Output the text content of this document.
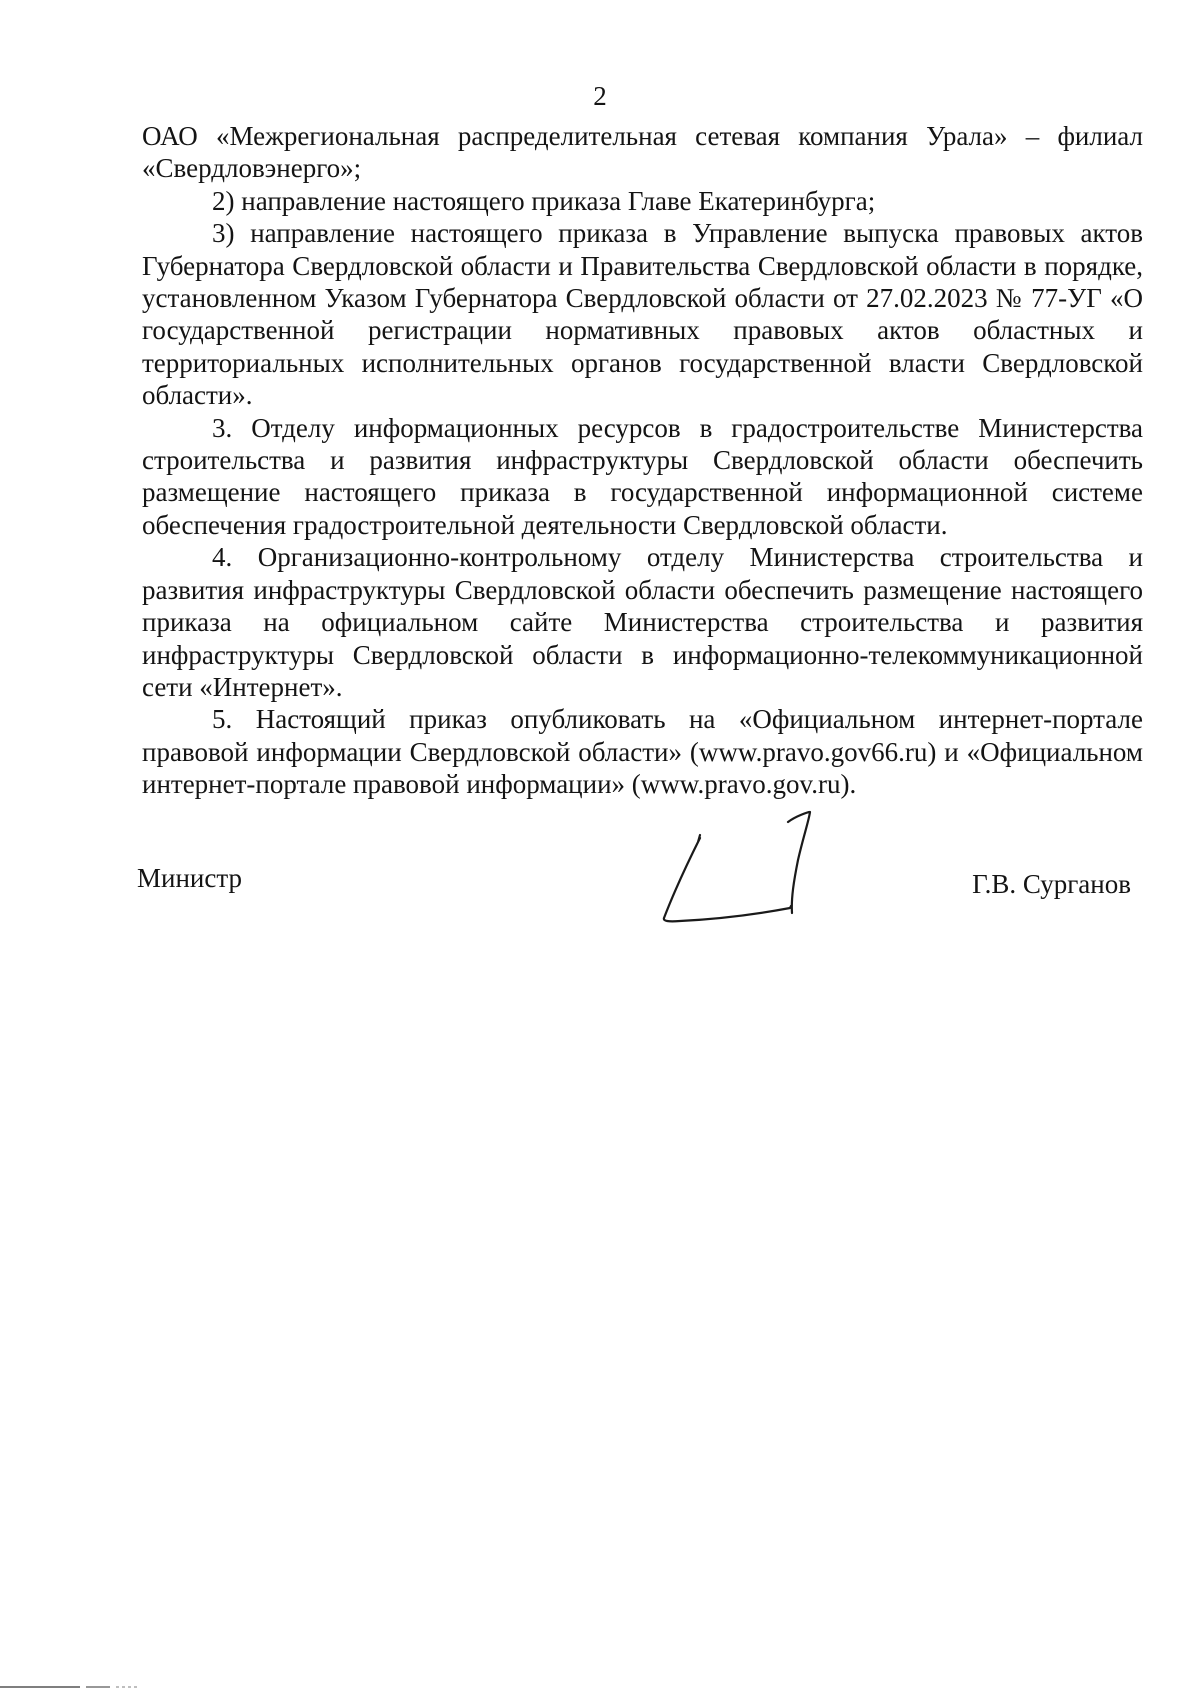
2

ОАО «Межрегиональная распределительная сетевая компания Урала» – филиал «Свердловэнерго»;

2) направление настоящего приказа Главе Екатеринбурга;

3) направление настоящего приказа в Управление выпуска правовых актов Губернатора Свердловской области и Правительства Свердловской области в порядке, установленном Указом Губернатора Свердловской области от 27.02.2023 № 77-УГ «О государственной регистрации нормативных правовых актов областных и территориальных исполнительных органов государственной власти Свердловской области».

3. Отделу информационных ресурсов в градостроительстве Министерства строительства и развития инфраструктуры Свердловской области обеспечить размещение настоящего приказа в государственной информационной системе обеспечения градостроительной деятельности Свердловской области.

4. Организационно-контрольному отделу Министерства строительства и развития инфраструктуры Свердловской области обеспечить размещение настоящего приказа на официальном сайте Министерства строительства и развития инфраструктуры Свердловской области в информационно-телекоммуникационной сети «Интернет».

5. Настоящий приказ опубликовать на «Официальном интернет-портале правовой информации Свердловской области» (www.pravo.gov66.ru) и «Официальном интернет-портале правовой информации» (www.pravo.gov.ru).

Министр	Г.В. Сурганов
